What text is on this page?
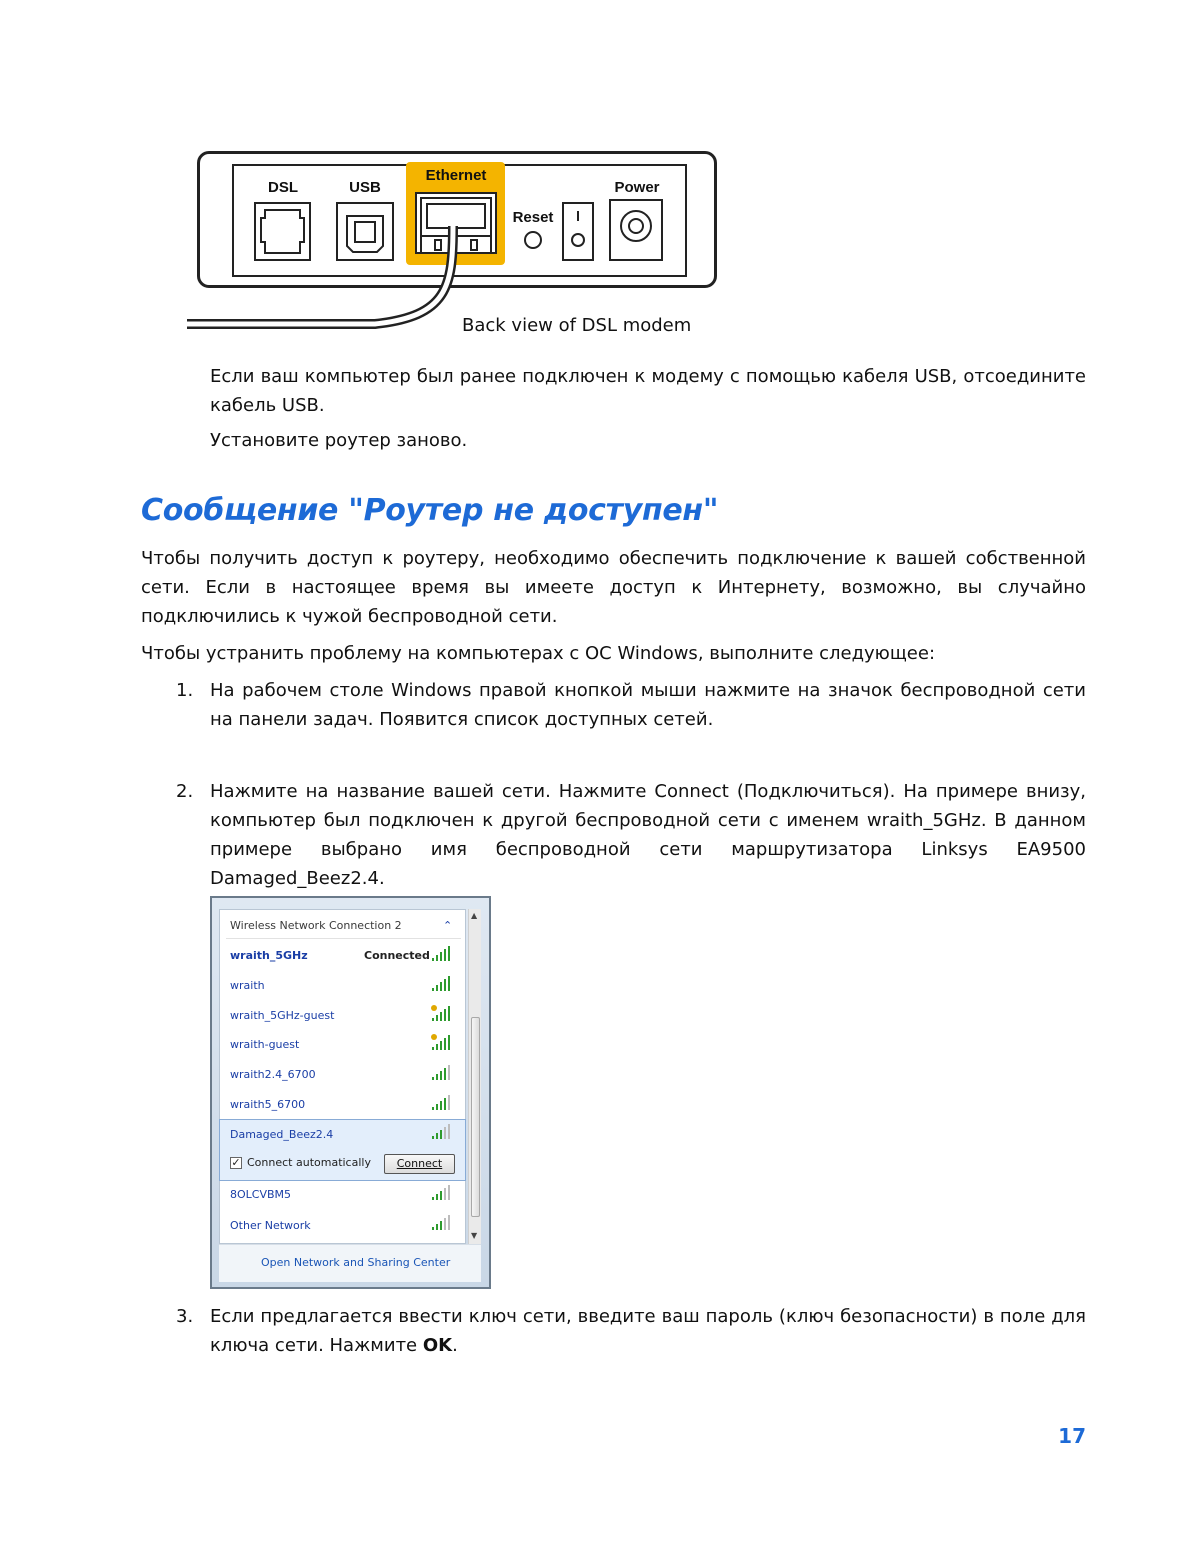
DSL	USB
Ethernet
Reset
Power
Back view of DSL modem
Если ваш компьютер был ранее подключен к модему с помощью кабеля USB, отсоедините кабель USB.
Установите роутер заново.
Сообщение "Роутер не доступен"
Чтобы получить доступ к роутеру, необходимо обеспечить подключение к вашей собственной сети. Если в настоящее время вы имеете доступ к Интернету, возможно, вы случайно подключились к чужой беспроводной сети.
Чтобы устранить проблему на компьютерах с ОС Windows, выполните следующее:
1. На рабочем столе Windows правой кнопкой мыши нажмите на значок беспроводной сети на панели задач. Появится список доступных сетей.
2. Нажмите на название вашей сети. Нажмите Connect (Подключиться). На примере внизу, компьютер был подключен к другой беспроводной сети с именем wraith_5GHz. В данном примере выбрано имя беспроводной сети маршрутизатора Linksys EA9500 Damaged_Beez2.4.
Wireless Network Connection 2	⌃
wraith_5GHz	Connected
wraith
wraith_5GHz-guest
wraith-guest
wraith2.4_6700
wraith5_6700
Damaged_Beez2.4
✓ Connect automatically	Connect
8OLCVBM5
Other Network
▲
▼
Open Network and Sharing Center
3. Если предлагается ввести ключ сети, введите ваш пароль (ключ безопасности) в поле для ключа сети. Нажмите OK.
17
